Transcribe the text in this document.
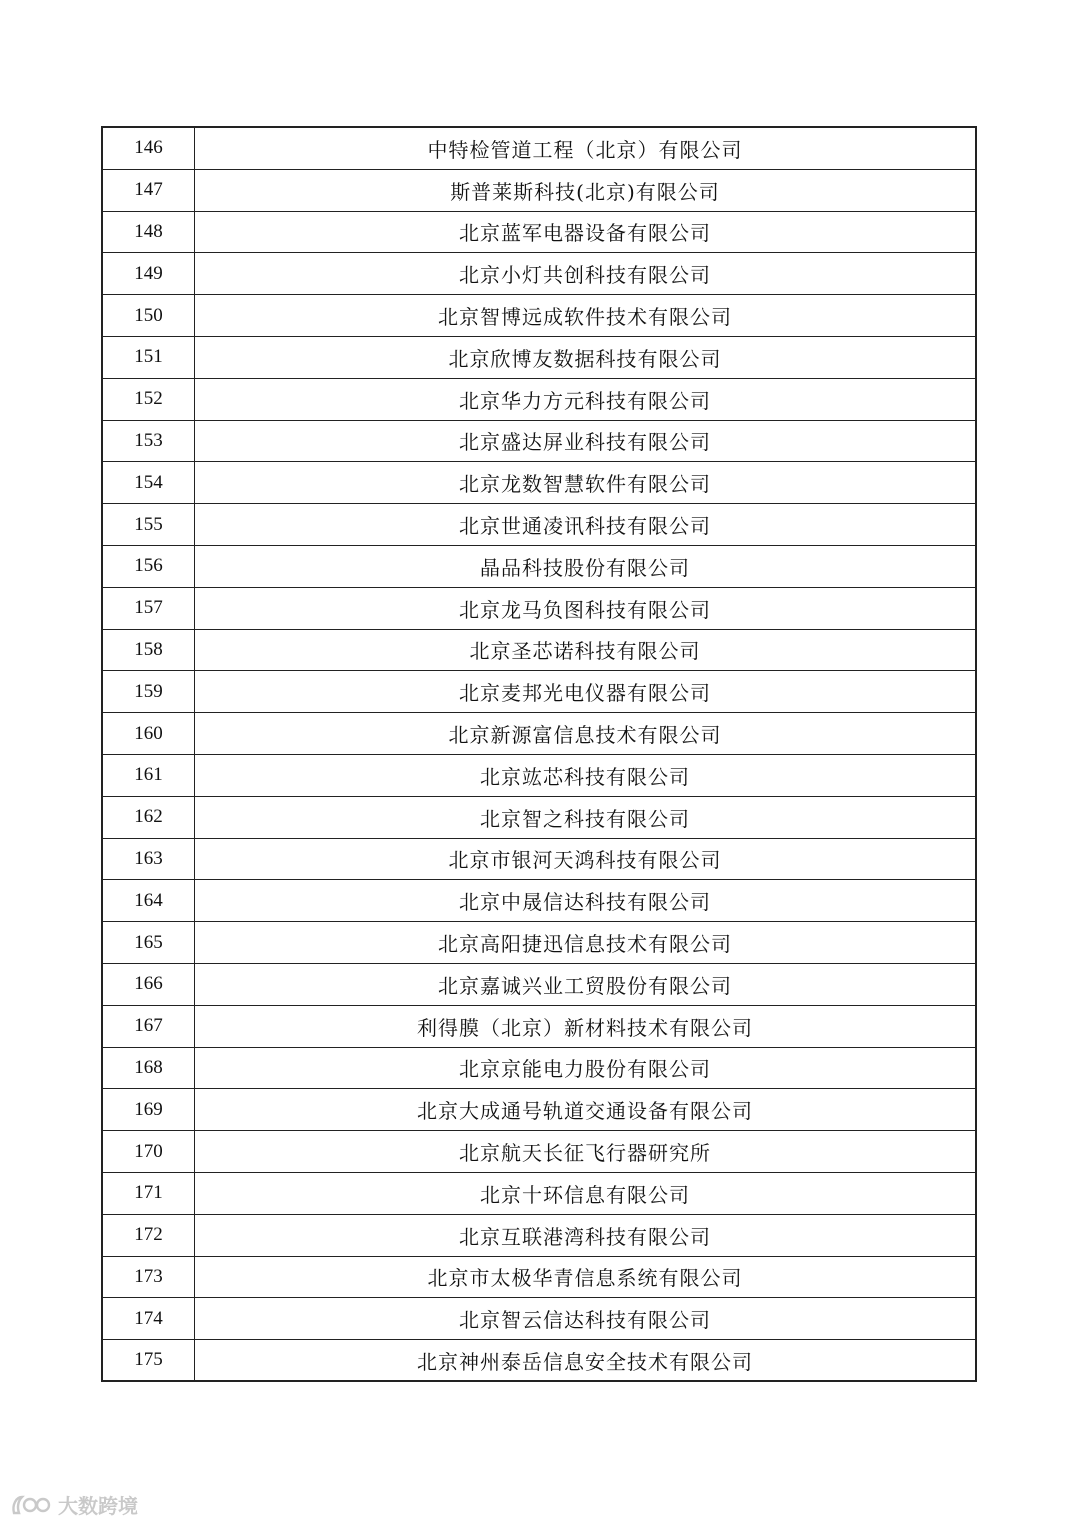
146	中特检管道工程（北京）有限公司
147	斯普莱斯科技(北京)有限公司
148	北京蓝军电器设备有限公司
149	北京小灯共创科技有限公司
150	北京智博远成软件技术有限公司
151	北京欣博友数据科技有限公司
152	北京华力方元科技有限公司
153	北京盛达屏业科技有限公司
154	北京龙数智慧软件有限公司
155	北京世通凌讯科技有限公司
156	晶品科技股份有限公司
157	北京龙马负图科技有限公司
158	北京圣芯诺科技有限公司
159	北京麦邦光电仪器有限公司
160	北京新源富信息技术有限公司
161	北京竑芯科技有限公司
162	北京智之科技有限公司
163	北京市银河天鸿科技有限公司
164	北京中晟信达科技有限公司
165	北京高阳捷迅信息技术有限公司
166	北京嘉诚兴业工贸股份有限公司
167	利得膜（北京）新材料技术有限公司
168	北京京能电力股份有限公司
169	北京大成通号轨道交通设备有限公司
170	北京航天长征飞行器研究所
171	北京十环信息有限公司
172	北京互联港湾科技有限公司
173	北京市太极华青信息系统有限公司
174	北京智云信达科技有限公司
175	北京神州泰岳信息安全技术有限公司
大数跨境
